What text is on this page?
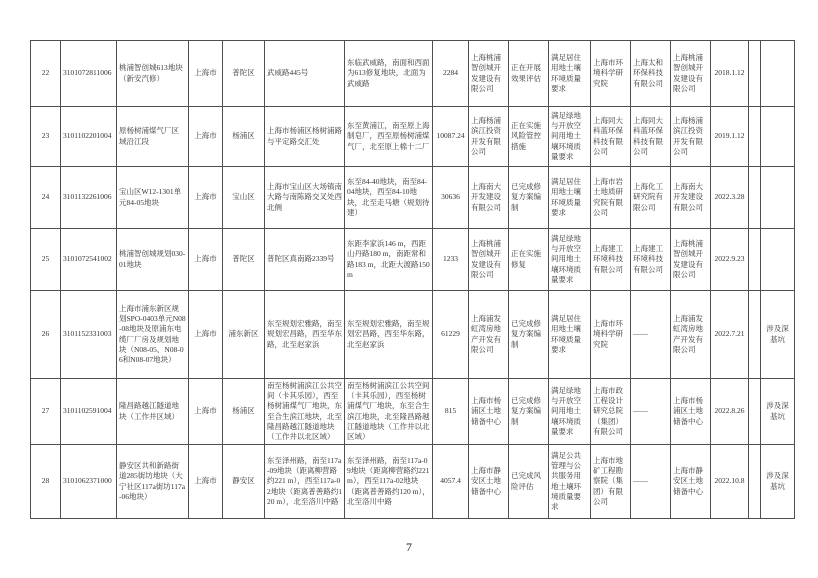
22	3101072811006	桃浦智创城613地块（新安汽修）	上海市	普陀区	武威路445号	东临武威路，南面和西面为613修复地块，北面为武威路	2284	上海桃浦智创城开发建设有限公司	正在开展效果评估	满足居住用地土壤环境质量要求	上海市环境科学研究院	上海太和环保科技有限公司	上海桃浦智创城开发建设有限公司	2018.1.12		
23	3101102201004	原杨树浦煤气厂区域沿江段	上海市	杨浦区	上海市杨浦区杨树浦路与平定路交汇处	东至黄浦江，南至原上海制皂厂，西至原杨树浦煤气厂，北至原上棉十二厂	10087.24	上海杨浦滨江投资开发有限公司	正在实施风险管控措施	满足绿地与开放空间用地土壤环境质量要求	上海同大科蓝环保科技有限公司	上海同大科蓝环保科技有限公司	上海杨浦滨江投资开发有限公司	2019.1.12		
24	3101132261006	宝山区W12-1301单元84-05地块	上海市	宝山区	上海市宝山区大场镇南大路与南陈路交叉处西北侧	东至84-40地块，南至84-04地块，西至84-10地块，北至走马塘（规划待建）	30636	上海南大开发建设有限公司	已完成修复方案编制	满足居住用地土壤环境质量要求	上海市岩土地质研究院有限公司	上海化工研究院有限公司	上海南大开发建设有限公司	2022.3.28		
25	3101072541002	桃浦智创城规划030-01地块	上海市	普陀区	普陀区真南路2339号	东距李家浜146 m，西距山丹路180 m，南距常和路183 m，北距大渡路150 m	1233	上海桃浦智创城开发建设有限公司	正在实施修复	满足绿地与开放空间用地土壤环境质量要求	上海建工环境科技有限公司	上海建工环境科技有限公司	上海桃浦智创城开发建设有限公司	2022.9.23		
26	3101152331003	上海市浦东新区规划SPO-0403单元N08-08地块及原浦东电缆厂厂房及规划地块（N08-05、N08-06和N08-07地块）	上海市	浦东新区	东至规划宏雅路，南至规划宏昌路，西至华东路，北至赵家浜	东至规划宏雅路，南至规划宏昌路，西至华东路，北至赵家浜	61229	上海浦发虹湾房地产开发有限公司	已完成修复方案编制	满足居住用地土壤环境质量要求	上海市环境科学研究院	——	上海浦发虹湾房地产开发有限公司	2022.7.21		涉及深基坑
27	3101102591004	隆昌路越江隧道地块（工作井区域）	上海市	杨浦区	南至杨树浦滨江公共空间（卡其乐园），西至杨树浦煤气厂地块，东至合生滨江地块，北至隆昌路越江隧道地块（工作井以北区域）	南至杨树浦滨江公共空间（卡其乐园），西至杨树浦煤气厂地块，东至合生滨江地块，北至隆昌路越江隧道地块（工作井以北区域）	815	上海市杨浦区土地储备中心	已完成修复方案编制	满足绿地与开放空间用地土壤环境质量要求	上海市政工程设计研究总院（集团）有限公司	——	上海市杨浦区土地储备中心	2022.8.26		涉及深基坑
28	3101062371000	静安区共和新路街道285街坊地块（大宁社区117a街坊117a-06地块）	上海市	静安区	东至泽州路，南至117a-09地块（距离柳营路约221 m），西至117a-02地块（距离普善路约120 m），北至洛川中路	东至泽州路，南至117a-09地块（距离柳营路约221 m），西至117a-02地块（距离普善路约120 m），北至洛川中路	4057.4	上海市静安区土地储备中心	已完成风险评估	满足公共管理与公共服务用地土壤环境质量要求	上海市地矿工程勘察院（集团）有限公司	——	上海市静安区土地储备中心	2022.10.8		涉及深基坑
7
